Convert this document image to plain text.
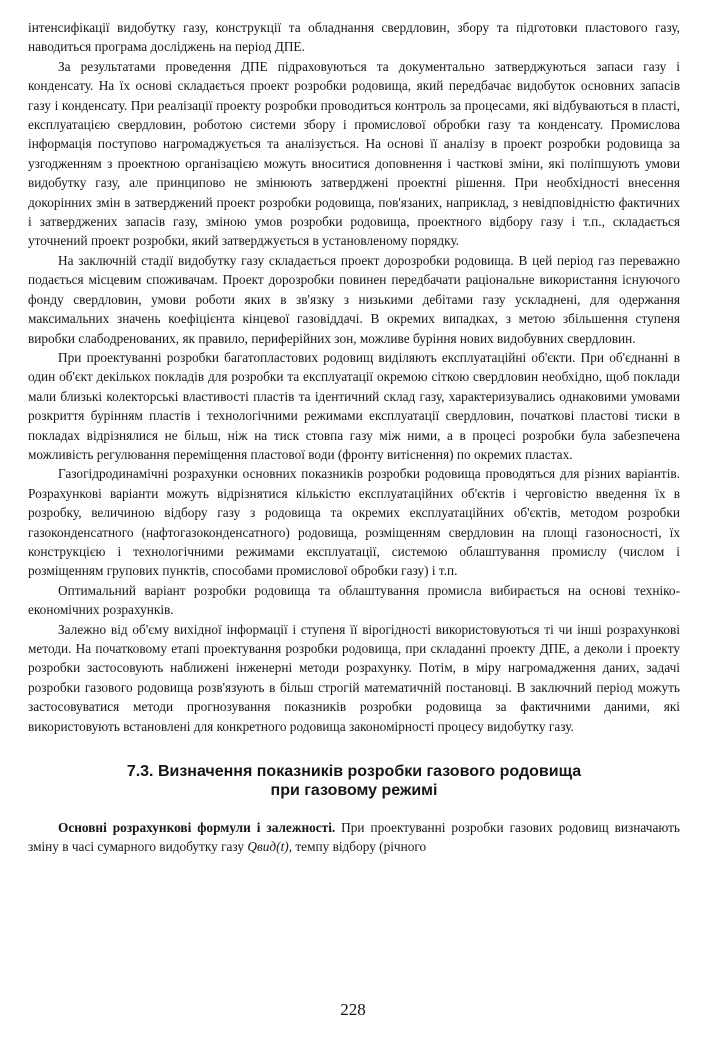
інтенсифікації видобутку газу, конструкції та обладнання свердловин, збору та підготовки пластового газу, наводиться програма досліджень на період ДПЕ.

За результатами проведення ДПЕ підраховуються та документально затверджуються запаси газу і конденсату. На їх основі складається проект розробки родовища, який передбачає видобуток основних запасів газу і конденсату. При реалізації проекту розробки проводиться контроль за процесами, які відбуваються в пласті, експлуатацією свердловин, роботою системи збору і промислової обробки газу та конденсату. Промислова інформація поступово нагромаджується та аналізується. На основі її аналізу в проект розробки родовища за узгодженням з проектною організацією можуть вноситися доповнення і часткові зміни, які поліпшують умови видобутку газу, але принципово не змінюють затверджені проектні рішення. При необхідності внесення докорінних змін в затверджений проект розробки родовища, пов'язаних, наприклад, з невідповідністю фактичних і затверджених запасів газу, зміною умов розробки родовища, проектного відбору газу і т.п., складається уточнений проект розробки, який затверджується в установленому порядку.

На заключній стадії видобутку газу складається проект дорозробки родовища. В цей період газ переважно подається місцевим споживачам. Проект дорозробки повинен передбачати раціональне використання існуючого фонду свердловин, умови роботи яких в зв'язку з низькими дебітами газу ускладнені, для одержання максимальних значень коефіцієнта кінцевої газовіддачі. В окремих випадках, з метою збільшення ступеня виробки слабодренованих, як правило, периферійних зон, можливе буріння нових видобувних свердловин.

При проектуванні розробки багатопластових родовищ виділяють експлуатаційні об'єкти. При об'єднанні в один об'єкт декількох покладів для розробки та експлуатації окремою сіткою свердловин необхідно, щоб поклади мали близькі колекторські властивості пластів та ідентичний склад газу, характеризувались однаковими умовами розкриття бурінням пластів і технологічними режимами експлуатації свердловин, початкові пластові тиски в покладах відрізнялися не більш, ніж на тиск стовпа газу між ними, а в процесі розробки була забезпечена можливість регулювання переміщення пластової води (фронту витіснення) по окремих пластах.

Газогідродинамічні розрахунки основних показників розробки родовища проводяться для різних варіантів. Розрахункові варіанти можуть відрізнятися кількістю експлуатаційних об'єктів і черговістю введення їх в розробку, величиною відбору газу з родовища та окремих експлуатаційних об'єктів, методом розробки газоконденсатного (нафтогазоконденсатного) родовища, розміщенням свердловин на площі газоносності, їх конструкцією і технологічними режимами експлуатації, системою облаштування промислу (числом і розміщенням групових пунктів, способами промислової обробки газу) і т.п.

Оптимальний варіант розробки родовища та облаштування промисла вибирається на основі техніко-економічних розрахунків.

Залежно від об'єму вихідної інформації і ступеня її вірогідності використовуються ті чи інші розрахункові методи. На початковому етапі проектування розробки родовища, при складанні проекту ДПЕ, а деколи і проекту розробки застосовують наближені інженерні методи розрахунку. Потім, в міру нагромадження даних, задачі розробки газового родовища розв'язують в більш строгій математичній постановці. В заключний період можуть застосовуватися методи прогнозування показників розробки родовища за фактичними даними, які використовують встановлені для конкретного родовища закономірності процесу видобутку газу.

7.3. Визначення показників розробки газового родовища
при газовому режимі

Основні розрахункові формули і залежності. При проектуванні розробки газових родовищ визначають зміну в часі сумарного видобутку газу Qвид(t), темпу відбору (річного

228
